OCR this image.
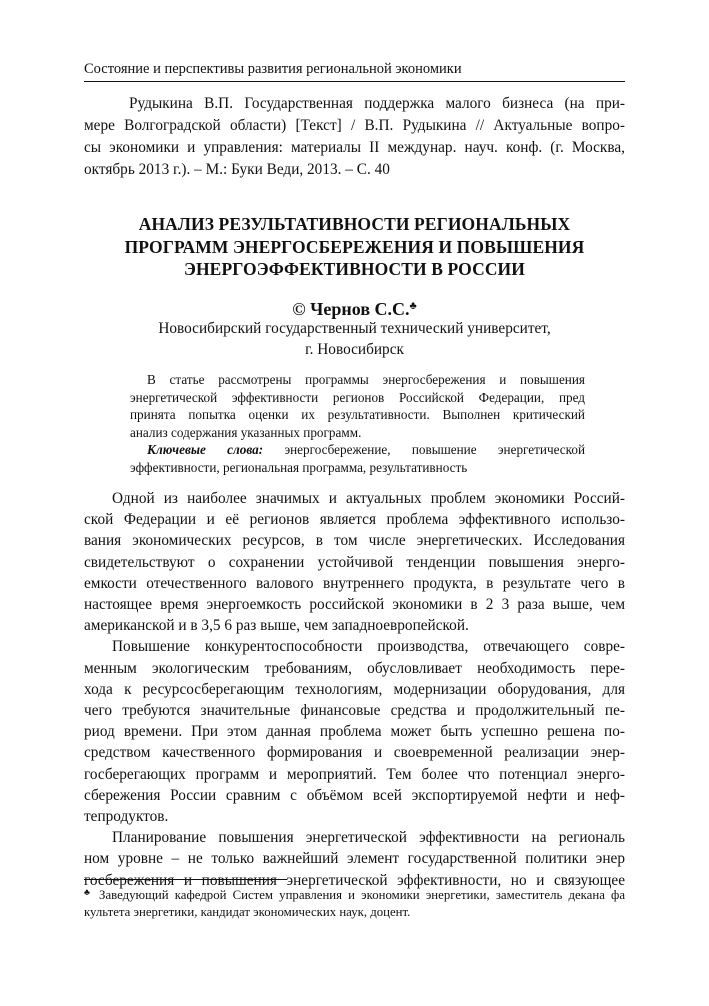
Состояние и перспективы развития региональной экономики
Рудыкина В.П. Государственная поддержка малого бизнеса (на при-
мере Волгоградской области) [Текст] / В.П. Рудыкина // Актуальные вопро-
сы экономики и управления: материалы II междунар. науч. конф. (г. Москва,
октябрь 2013 г.). – М.: Буки Веди, 2013. – С. 40
АНАЛИЗ РЕЗУЛЬТАТИВНОСТИ РЕГИОНАЛЬНЫХ
ПРОГРАММ ЭНЕРГОСБЕРЕЖЕНИЯ И ПОВЫШЕНИЯ
ЭНЕРГОЭФФЕКТИВНОСТИ В РОССИИ
© Чернов С.С.♣
Новосибирский государственный технический университет,
г. Новосибирск
В статье рассмотрены программы энергосбережения и повышения
энергетической эффективности регионов Российской Федерации, пред
принята попытка оценки их результативности. Выполнен критический
анализ содержания указанных программ.
Ключевые слова: энергосбережение, повышение энергетической
эффективности, региональная программа, результативность
Одной из наиболее значимых и актуальных проблем экономики Россий-
ской Федерации и её регионов является проблема эффективного использо-
вания экономических ресурсов, в том числе энергетических. Исследования
свидетельствуют о сохранении устойчивой тенденции повышения энерго-
емкости отечественного валового внутреннего продукта, в результате чего в
настоящее время энергоемкость российской экономики в 2 3 раза выше, чем
американской и в 3,5 6 раз выше, чем западноевропейской.
Повышение конкурентоспособности производства, отвечающего совре-
менным экологическим требованиям, обусловливает необходимость пере-
хода к ресурсосберегающим технологиям, модернизации оборудования, для
чего требуются значительные финансовые средства и продолжительный пе-
риод времени. При этом данная проблема может быть успешно решена по-
средством качественного формирования и своевременной реализации энер-
госберегающих программ и мероприятий. Тем более что потенциал энерго-
сбережения России сравним с объёмом всей экспортируемой нефти и неф-
тепродуктов.
Планирование повышения энергетической эффективности на региональ
ном уровне – не только важнейший элемент государственной политики энер
госбережения и повышения энергетической эффективности, но и связующее
♣ Заведующий кафедрой Систем управления и экономики энергетики, заместитель декана фа
культета энергетики, кандидат экономических наук, доцент.
